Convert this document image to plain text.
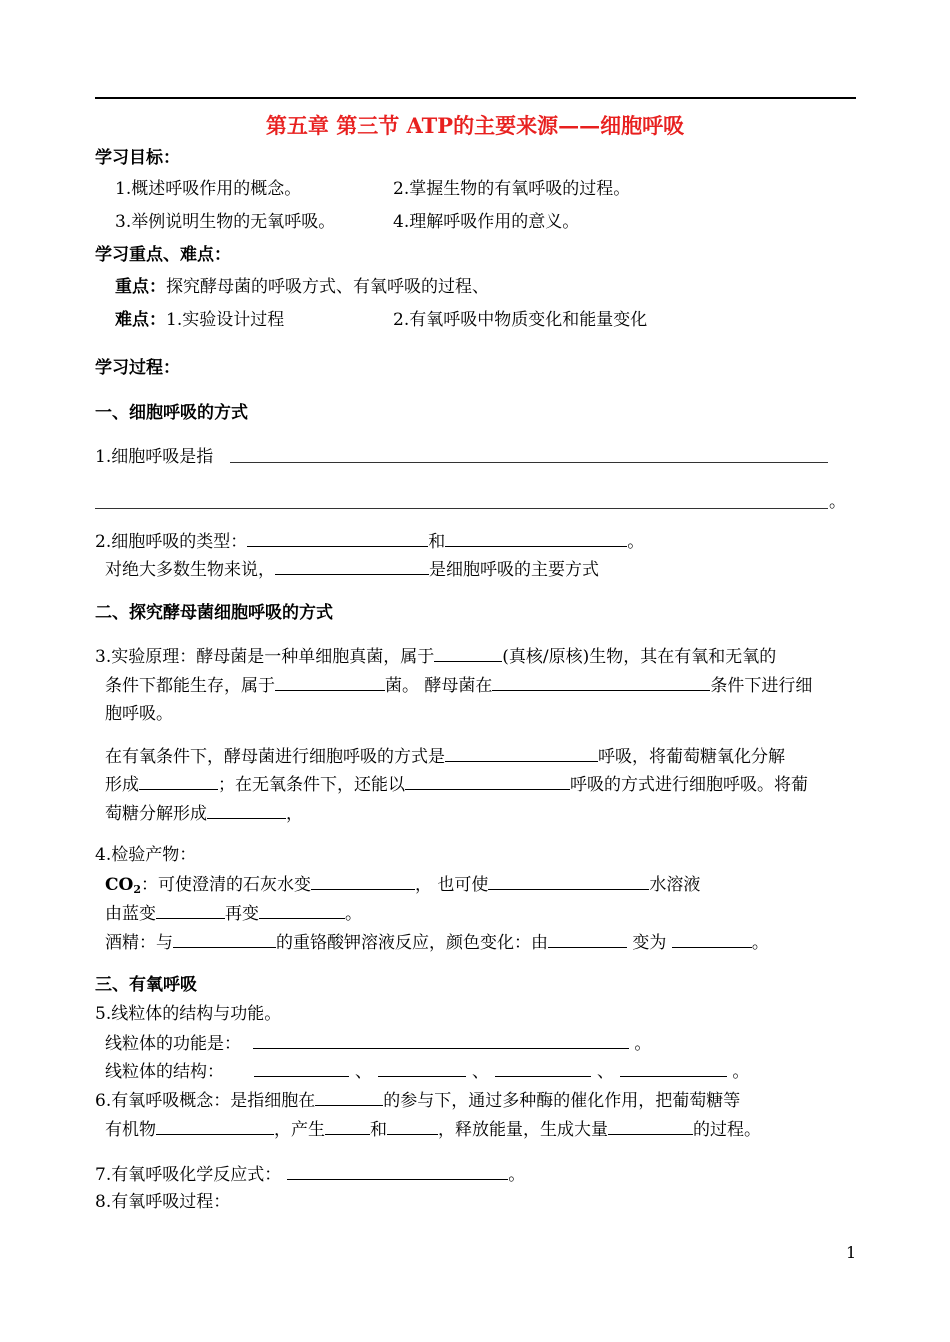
第五章 第三节 ATP的主要来源——细胞呼吸
学习目标：
1.概述呼吸作用的概念。	2.掌握生物的有氧呼吸的过程。
3.举例说明生物的无氧呼吸。	4.理解呼吸作用的意义。
学习重点、难点：
重点：探究酵母菌的呼吸方式、有氧呼吸的过程、
难点：1.实验设计过程	2.有氧呼吸中物质变化和能量变化
学习过程：
一、细胞呼吸的方式
1.细胞呼吸是指
。
2.细胞呼吸的类型：	和	。
对绝大多数生物来说，	是细胞呼吸的主要方式
二、探究酵母菌细胞呼吸的方式
3.实验原理：酵母菌是一种单细胞真菌，属于	(真核/原核)生物，其在有氧和无氧的
条件下都能生存，属于	菌。 酵母菌在	条件下进行细
胞呼吸。
在有氧条件下，酵母菌进行细胞呼吸的方式是	呼吸，将葡萄糖氧化分解
形成	；在无氧条件下，还能以	呼吸的方式进行细胞呼吸。将葡
萄糖分解形成	，
4.检验产物：
$CO_2$：可使澄清的石灰水变	， 也可使	水溶液
由蓝变	再变	。
酒精：与	的重铬酸钾溶液反应，颜色变化：由	变为	。
三、有氧呼吸
5.线粒体的结构与功能。
线粒体的功能是：	。
线粒体的结构：	、	、	、	。
6.有氧呼吸概念：是指细胞在	的参与下，通过多种酶的催化作用，把葡萄糖等
有机物	，产生	和	，释放能量，生成大量	的过程。
7.有氧呼吸化学反应式：	。
8.有氧呼吸过程：
1
